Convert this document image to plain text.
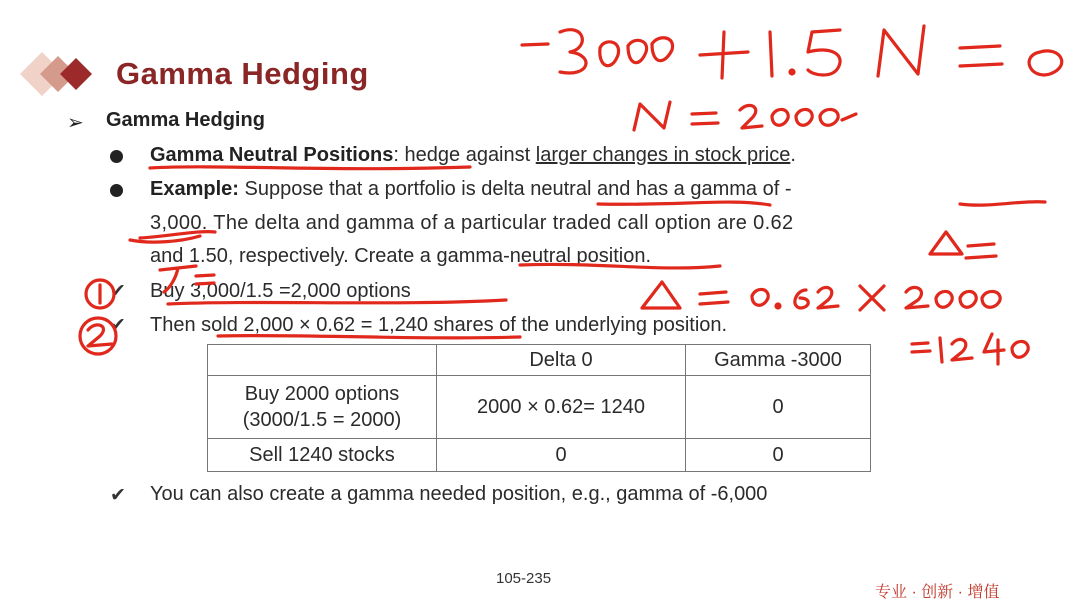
Gamma Hedging
➢ Gamma Hedging
Gamma Neutral Positions: hedge against larger changes in stock price.
Example: Suppose that a portfolio is delta neutral and has a gamma of -
3,000. The delta and gamma of a particular traded call option are 0.62
and 1.50, respectively. Create a gamma-neutral position.
✔ Buy 3,000/1.5 =2,000 options
✔ Then sold 2,000 × 0.62 = 1,240 shares of the underlying position.
	Delta 0	Gamma -3000
Buy 2000 options (3000/1.5 = 2000)	2000 × 0.62= 1240	0
Sell 1240 stocks	0	0
✔ You can also create a gamma needed position, e.g., gamma of -6,000
105-235
专业 · 创新 · 增值
